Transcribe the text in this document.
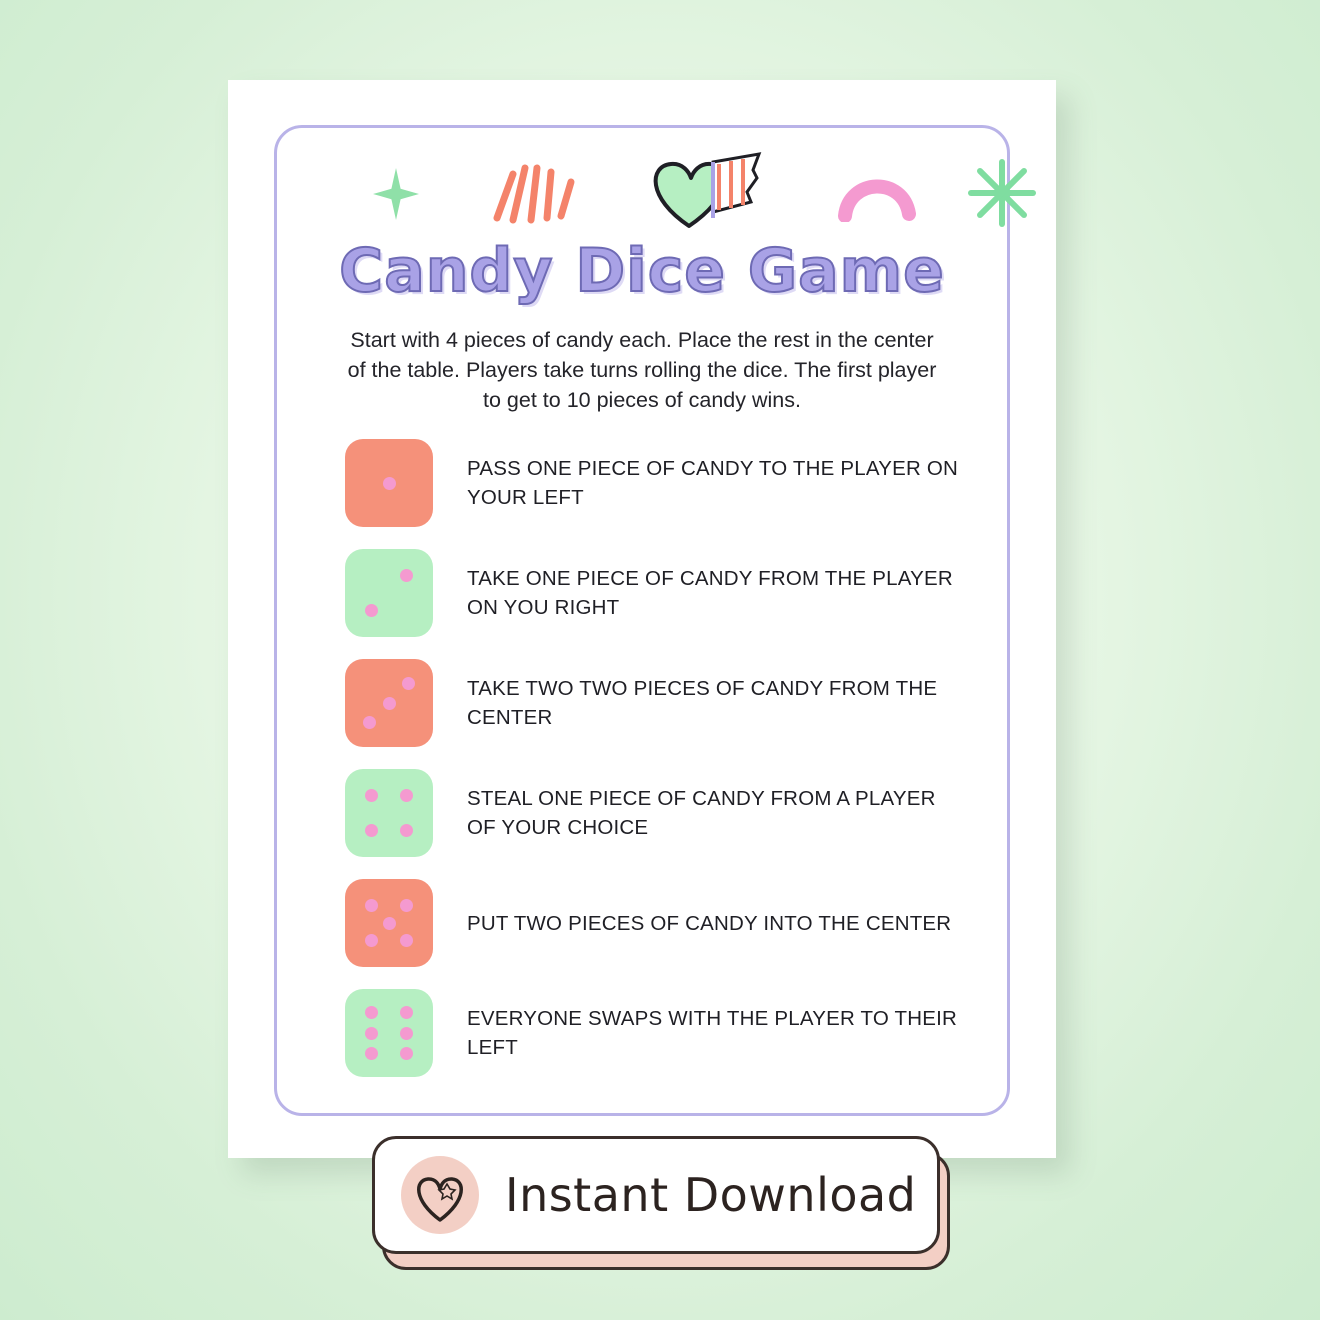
Candy Dice Game
Start with 4 pieces of candy each. Place the rest in the center of the table. Players take turns rolling the dice. The first player to get to 10 pieces of candy wins.
PASS ONE PIECE OF CANDY TO THE PLAYER ON YOUR LEFT
TAKE ONE PIECE OF CANDY FROM THE PLAYER ON YOU RIGHT
TAKE TWO TWO PIECES OF CANDY FROM THE CENTER
STEAL ONE PIECE OF CANDY FROM A PLAYER OF YOUR CHOICE
PUT TWO PIECES OF CANDY INTO THE CENTER
EVERYONE SWAPS WITH THE PLAYER TO THEIR LEFT
Instant Download
